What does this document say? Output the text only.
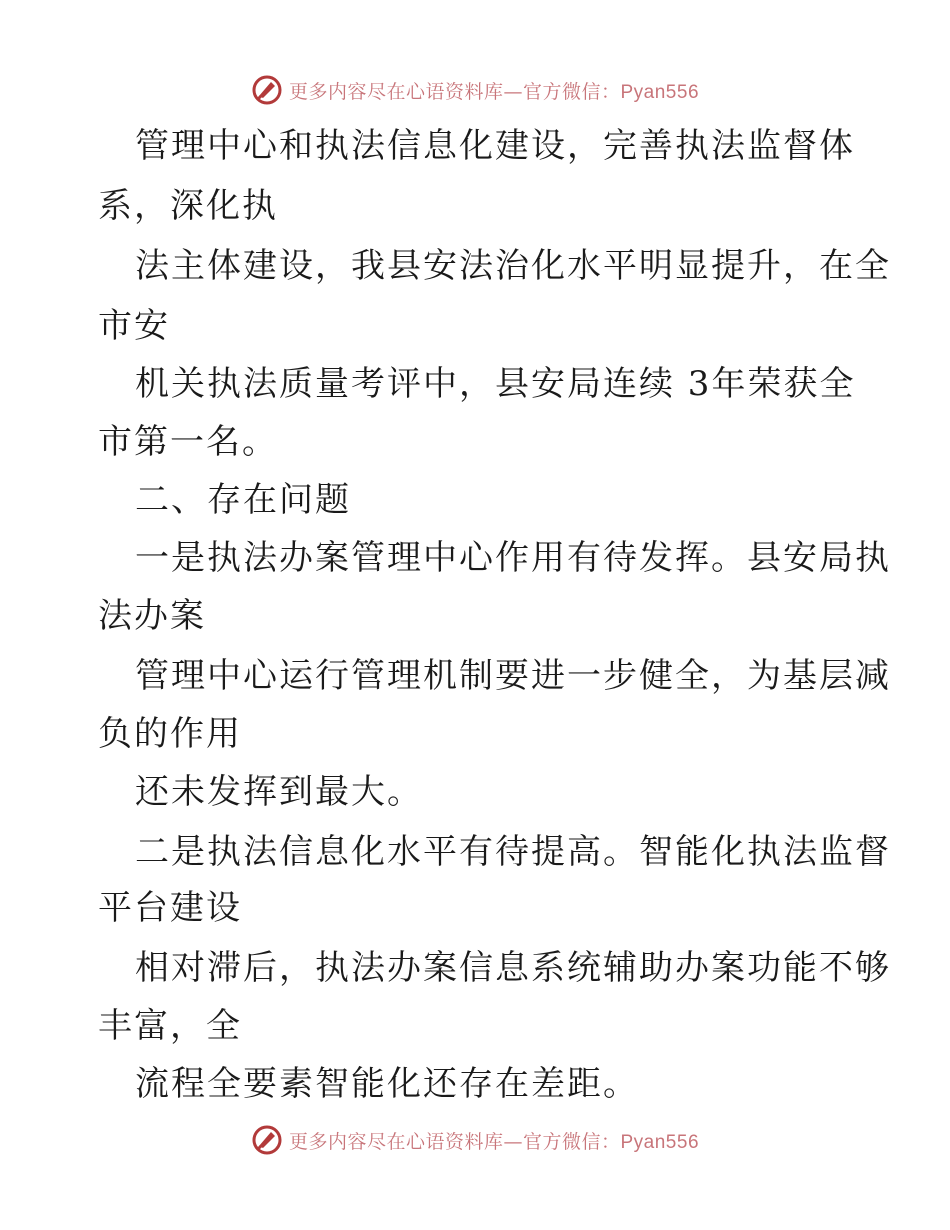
更多内容尽在心语资料库—官方微信：Pyan556
管理中心和执法信息化建设，完善执法监督体
系，深化执
法主体建设，我县安法治化水平明显提升，在全
市安
机关执法质量考评中，县安局连续 3年荣获全
市第一名。
二、存在问题
一是执法办案管理中心作用有待发挥。县安局执
法办案
管理中心运行管理机制要进一步健全，为基层减
负的作用
还未发挥到最大。
二是执法信息化水平有待提高。智能化执法监督
平台建设
相对滞后，执法办案信息系统辅助办案功能不够
丰富，全
流程全要素智能化还存在差距。
更多内容尽在心语资料库—官方微信：Pyan556
